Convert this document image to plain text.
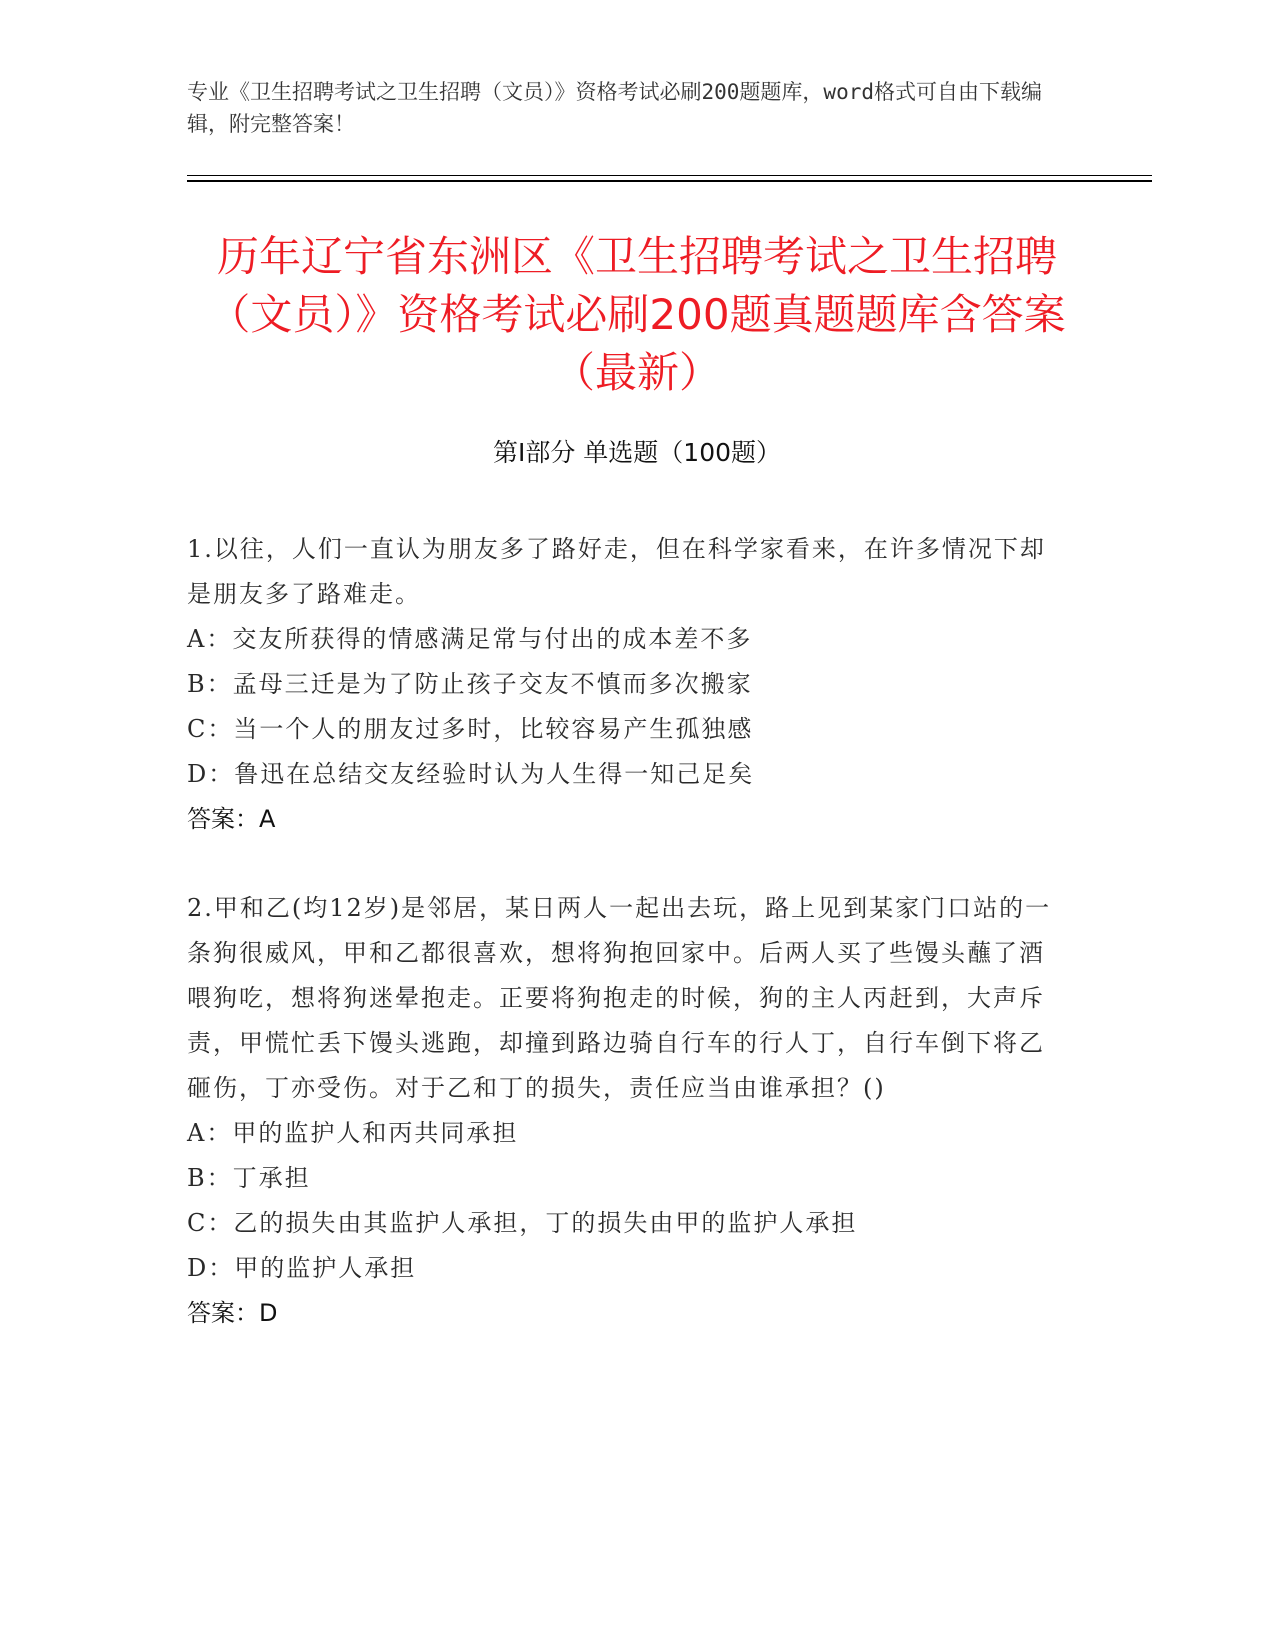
专业《卫生招聘考试之卫生招聘（文员）》资格考试必刷200题题库，word格式可自由下载编辑，附完整答案！
历年辽宁省东洲区《卫生招聘考试之卫生招聘（文员）》资格考试必刷200题真题题库含答案（最新）
第Ⅰ部分 单选题（100题）
1.以往，人们一直认为朋友多了路好走，但在科学家看来，在许多情况下却是朋友多了路难走。
A：交友所获得的情感满足常与付出的成本差不多
B：孟母三迁是为了防止孩子交友不慎而多次搬家
C：当一个人的朋友过多时，比较容易产生孤独感
D：鲁迅在总结交友经验时认为人生得一知己足矣
答案：A
2.甲和乙(均12岁)是邻居，某日两人一起出去玩，路上见到某家门口站的一条狗很威风，甲和乙都很喜欢，想将狗抱回家中。后两人买了些馒头蘸了酒喂狗吃，想将狗迷晕抱走。正要将狗抱走的时候，狗的主人丙赶到，大声斥责，甲慌忙丢下馒头逃跑，却撞到路边骑自行车的行人丁，自行车倒下将乙砸伤，丁亦受伤。对于乙和丁的损失，责任应当由谁承担？()
A：甲的监护人和丙共同承担
B：丁承担
C：乙的损失由其监护人承担，丁的损失由甲的监护人承担
D：甲的监护人承担
答案：D
